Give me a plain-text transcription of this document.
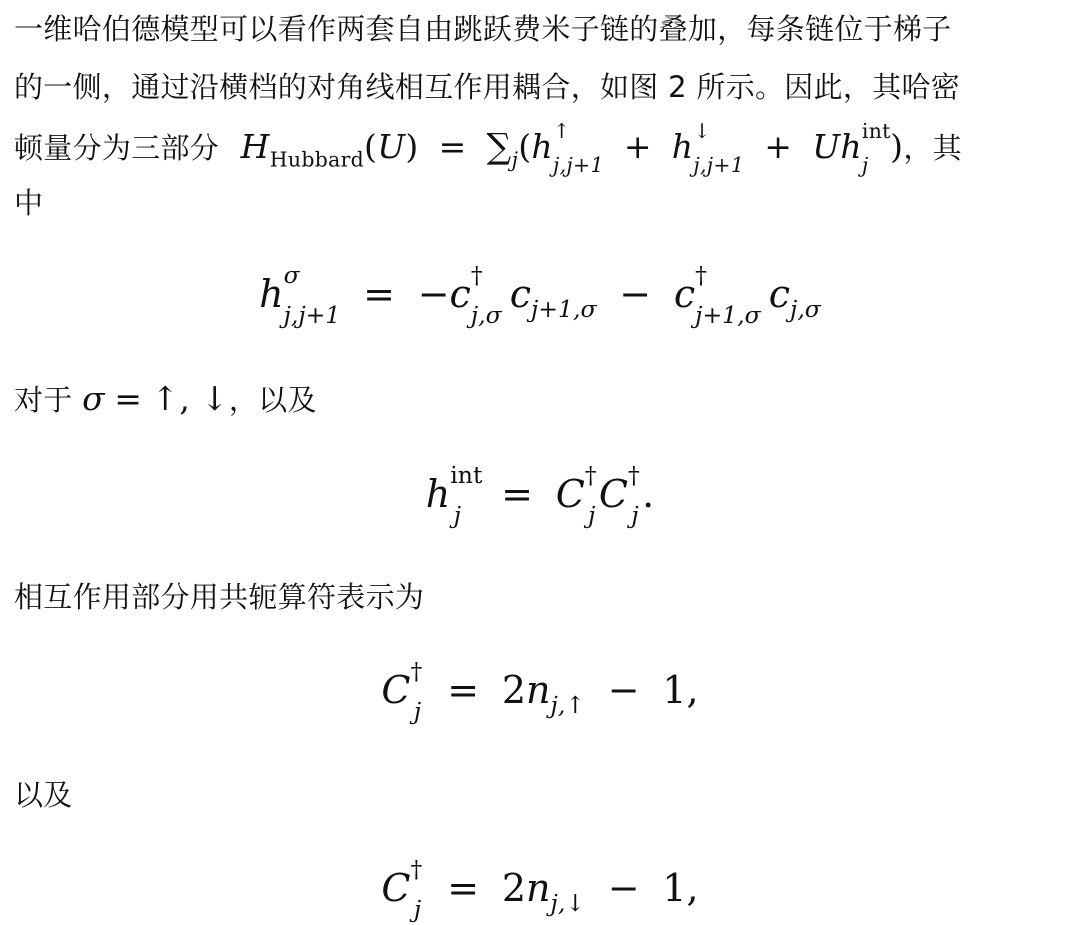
一维哈伯德模型可以看作两套自由跳跃费米子链的叠加，每条链位于梯子
的一侧，通过沿横档的对角线相互作用耦合，如图 2 所示。因此，其哈密
顿量分为三部分 $H_{Hubbard}(U) = \sum_j(h$ ↑
j,j+1 + h ↓
j,j+1 + Uh int
j )，其
中
h σ
j,j+1 = −c †
j,σ $c_{j+1,\sigma} - c$ †
j+1,σ $c_{j,\sigma}$
对于 σ = ↑, ↓，以及
h int
j = C †
jC †
j.
相互作用部分用共轭算符表示为
C †
$j = 2n_{j,↑} - 1$,
以及
C †
$j = 2n_{j,↓} - 1$,
